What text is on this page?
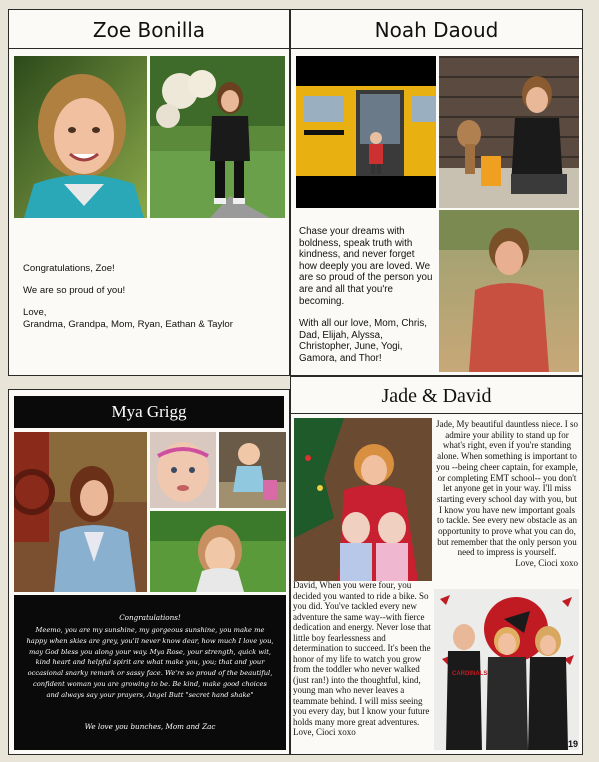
Zoe Bonilla

Congratulations, Zoe!

We are so proud of you!

Love,

Grandma, Grandpa, Mom, Ryan, Eathan & Taylor

Noah Daoud

Chase your dreams with boldness, speak truth with kindness, and never forget how deeply you are loved. We are so proud of the person you are and all that you're becoming.

With all our love, Mom, Chris, Dad, Elijah, Alyssa, Christopher, June, Yogi, Gamora, and Thor!

Mya Grigg
Congratulations!
Meemo, you are my sunshine, my gorgeous sunshine, you make me happy when skies are grey, you'll never know dear, how much I love you, may God bless you along your way. Mya Rose, your strength, quick wit, kind heart and helpful spirit are what make you, you; that and your occasional snarky remark or sassy face. We're so proud of the beautiful, confident woman you are growing to be. Be kind, make good choices and always say your prayers, Angel Butt "secret hand shake"
We love you bunches, Mom and Zac
Jade & David

Jade, My beautiful dauntless niece. I so admire your ability to stand up for what's right, even if you're standing alone. When something is important to you --being cheer captain, for example, or completing EMT school-- you don't let anyone get in your way. I'll miss starting every school day with you, but I know you have new important goals to tackle. See every new obstacle as an opportunity to prove what you can do, but remember that the only person you need to impress is yourself.

Love, Cioci xoxo

David, When you were four, you decided you wanted to ride a bike. So you did. You've tackled every new adventure the same way--with fierce dedication and energy. Never lose that little boy fearlessness and determination to succeed. It's been the honor of my life to watch you grow from the toddler who never walked (just ran!) into the thoughtful, kind, young man who never leaves a teammate behind. I will miss seeing you every day, but I know your future holds many more great adventures.

Love, Cioci xoxo

CARDINALS
19
